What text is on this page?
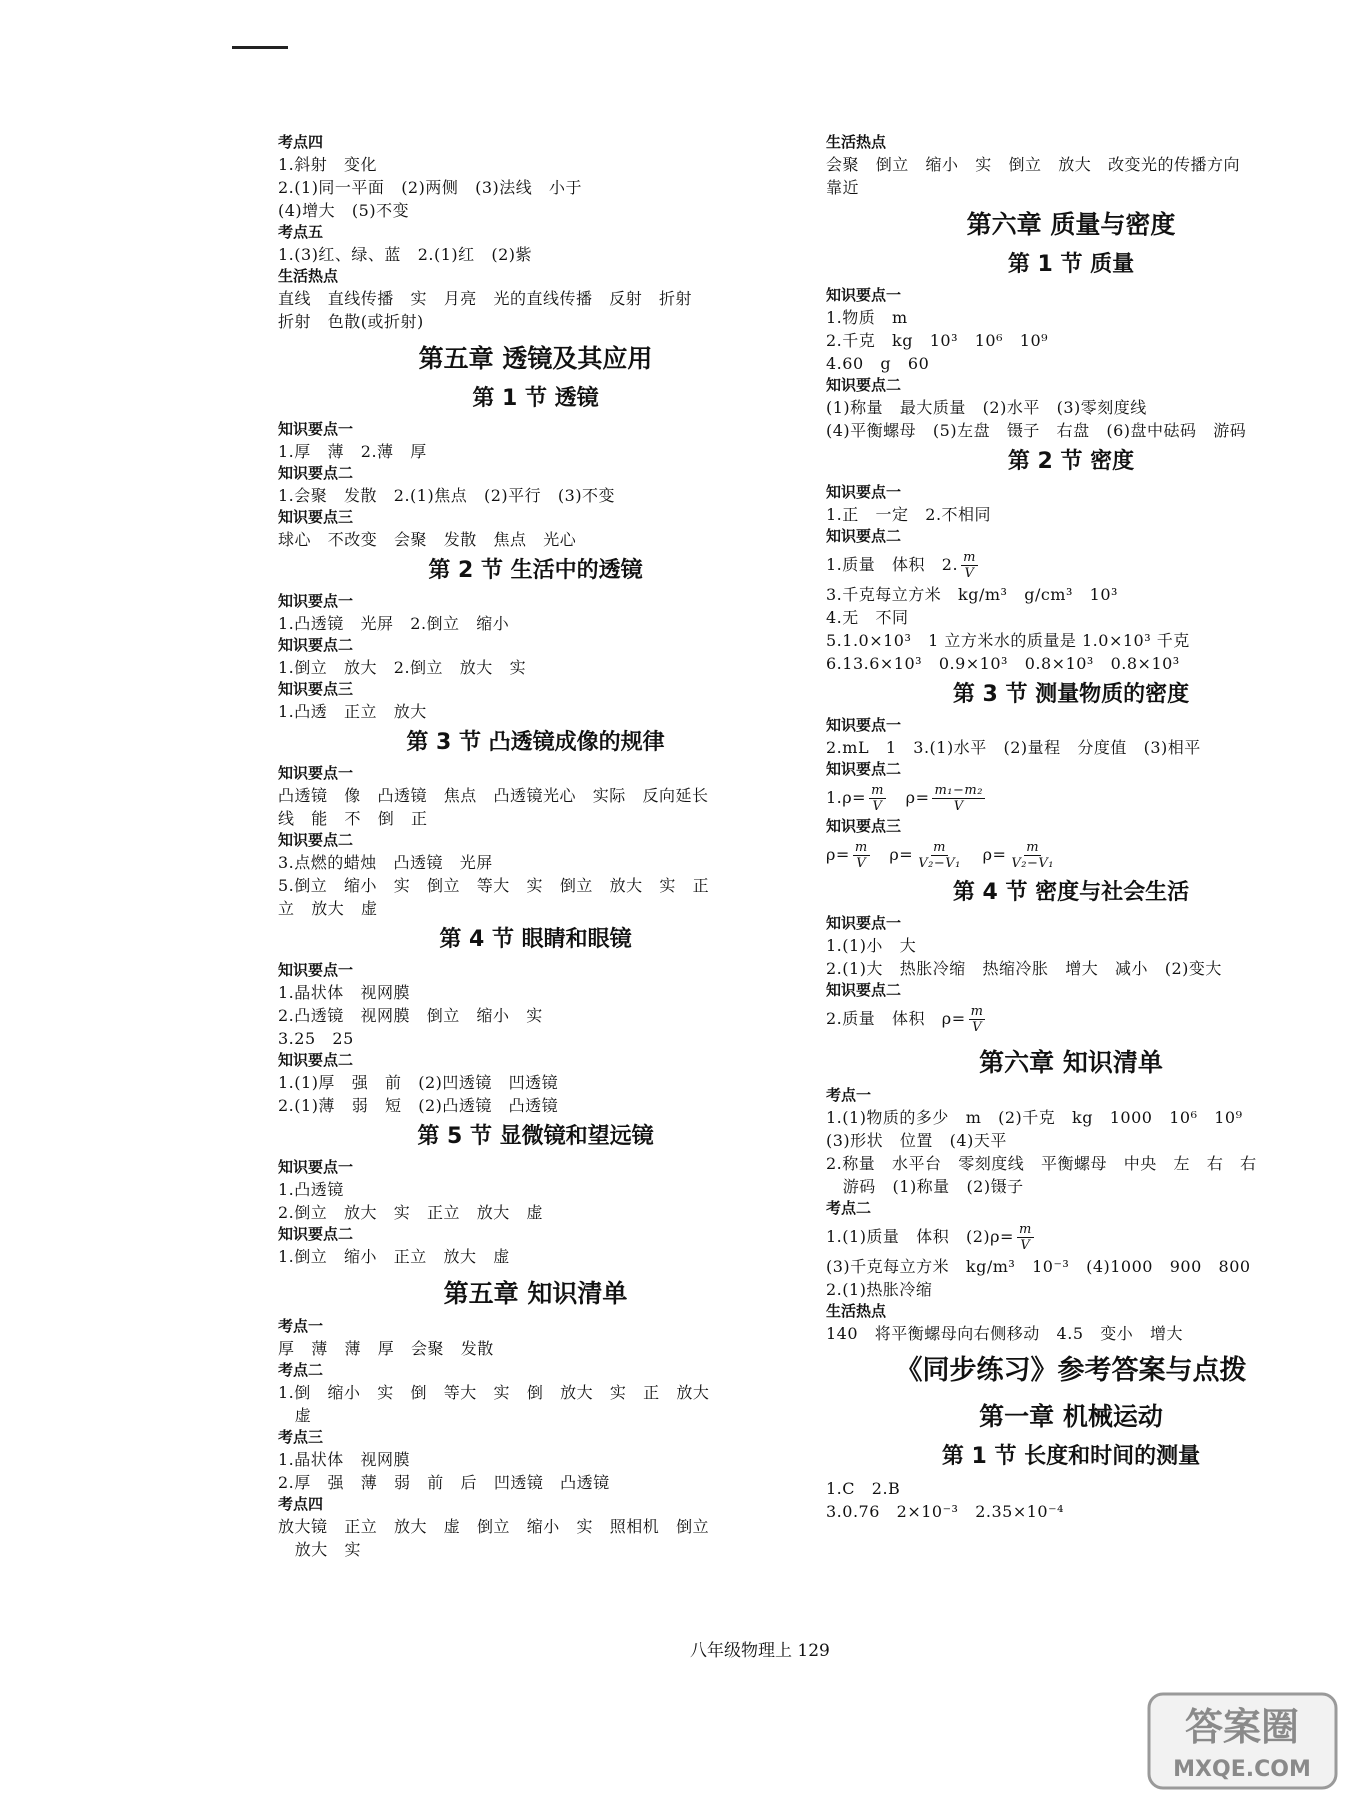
考点四
1.斜射   变化
2.(1)同一平面   (2)两侧   (3)法线   小于
(4)增大   (5)不变
考点五
1.(3)红、绿、蓝   2.(1)红   (2)紫
生活热点
直线   直线传播   实   月亮   光的直线传播   反射   折射
折射   色散(或折射)
第五章 透镜及其应用
第 1 节 透镜
知识要点一
1.厚   薄   2.薄   厚
知识要点二
1.会聚   发散   2.(1)焦点   (2)平行   (3)不变
知识要点三
球心   不改变   会聚   发散   焦点   光心
第 2 节 生活中的透镜
知识要点一
1.凸透镜   光屏   2.倒立   缩小
知识要点二
1.倒立   放大   2.倒立   放大   实
知识要点三
1.凸透   正立   放大
第 3 节 凸透镜成像的规律
知识要点一
凸透镜   像   凸透镜   焦点   凸透镜光心   实际   反向延长
线   能   不   倒   正
知识要点二
3.点燃的蜡烛   凸透镜   光屏
5.倒立   缩小   实   倒立   等大   实   倒立   放大   实   正
立   放大   虚
第 4 节 眼睛和眼镜
知识要点一
1.晶状体   视网膜
2.凸透镜   视网膜   倒立   缩小   实
3.25   25
知识要点二
1.(1)厚   强   前   (2)凹透镜   凹透镜
2.(1)薄   弱   短   (2)凸透镜   凸透镜
第 5 节 显微镜和望远镜
知识要点一
1.凸透镜
2.倒立   放大   实   正立   放大   虚
知识要点二
1.倒立   缩小   正立   放大   虚
第五章 知识清单
考点一
厚   薄   薄   厚   会聚   发散
考点二
1.倒   缩小   实   倒   等大   实   倒   放大   实   正   放大
虚
考点三
1.晶状体   视网膜
2.厚   强   薄   弱   前   后   凹透镜   凸透镜
考点四
放大镜   正立   放大   虚   倒立   缩小   实   照相机   倒立
放大   实
生活热点
会聚   倒立   缩小   实   倒立   放大   改变光的传播方向
靠近
第六章 质量与密度
第 1 节 质量
知识要点一
1.物质   m
2.千克   kg   10³   10⁶   10⁹
4.60   g   60
知识要点二
(1)称量   最大质量   (2)水平   (3)零刻度线
(4)平衡螺母   (5)左盘   镊子   右盘   (6)盘中砝码   游码
第 2 节 密度
知识要点一
1.正   一定   2.不相同
知识要点二
1.质量   体积   2. $\frac{m}{V}$
3.千克每立方米   kg/m³   g/cm³   10³
4.无   不同
5.1.0×10³   1 立方米水的质量是 1.0×10³ 千克
6.13.6×10³   0.9×10³   0.8×10³   0.8×10³
第 3 节 测量物质的密度
知识要点一
2.mL   1   3.(1)水平   (2)量程   分度值   (3)相平
知识要点二
$1.\rho= \frac{m}{V} \rho= \frac{\text{m₁−m₂}}{V}$
知识要点三
$\rho= \frac{m}{V} \rho= \frac{m}{\text{V₂−V₁}} \rho= \frac{m}{\text{V₂−V₁}}$
第 4 节 密度与社会生活
知识要点一
1.(1)小   大
2.(1)大   热胀冷缩   热缩冷胀   增大   减小   (2)变大
知识要点二
2.质量   体积   $\rho= \frac{m}{V}$
第六章 知识清单
考点一
1.(1)物质的多少   m   (2)千克   kg   1000   10⁶   10⁹
(3)形状   位置   (4)天平
2.称量   水平台   零刻度线   平衡螺母   中央   左   右   右
游码   (1)称量   (2)镊子
考点二
1.(1)质量   体积   $(2)\rho= \frac{m}{V}$
(3)千克每立方米   kg/m³   10⁻³   (4)1000   900   800
2.(1)热胀冷缩
生活热点
140   将平衡螺母向右侧移动   4.5   变小   增大
《同步练习》参考答案与点拨
第一章 机械运动
第 1 节 长度和时间的测量
1.C   2.B
3.0.76   2×10⁻³   2.35×10⁻⁴
八年级物理上 129
答案圈
MXQE.COM
